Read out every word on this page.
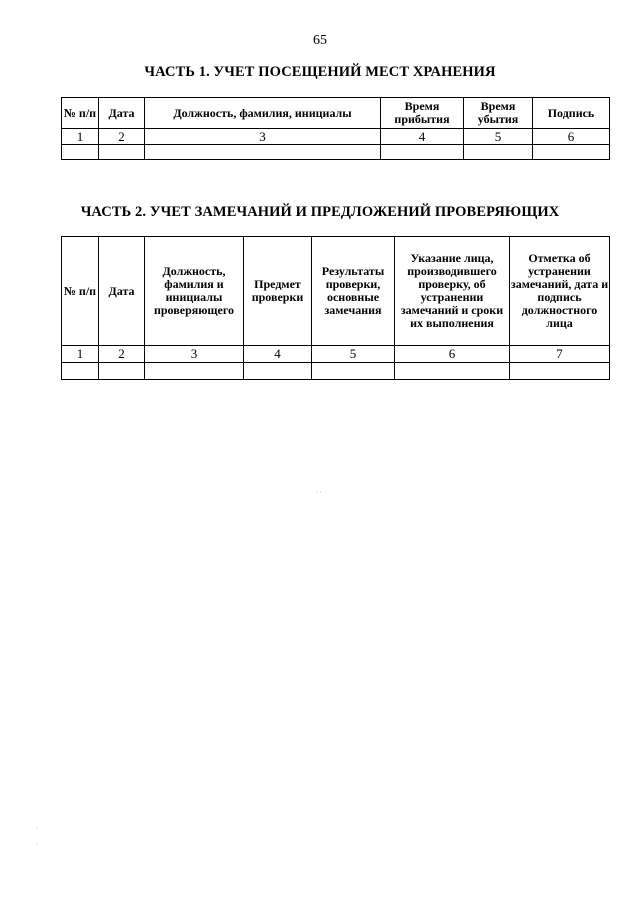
65
ЧАСТЬ 1. УЧЕТ ПОСЕЩЕНИЙ МЕСТ ХРАНЕНИЯ
№ п/п	Дата	Должность, фамилия, инициалы	Время прибытия	Время убытия	Подпись
1	2	3	4	5	6

ЧАСТЬ 2. УЧЕТ ЗАМЕЧАНИЙ И ПРЕДЛОЖЕНИЙ ПРОВЕРЯЮЩИХ
№ п/п	Дата	Должность, фамилия и инициалы проверяющего	Предмет проверки	Результаты проверки, основные замечания	Указание лица, производившего проверку, об устранении замечаний и сроки их выполнения	Отметка об устранении замечаний, дата и подпись должностного лица
1	2	3	4	5	6	7

· ·
·
·
